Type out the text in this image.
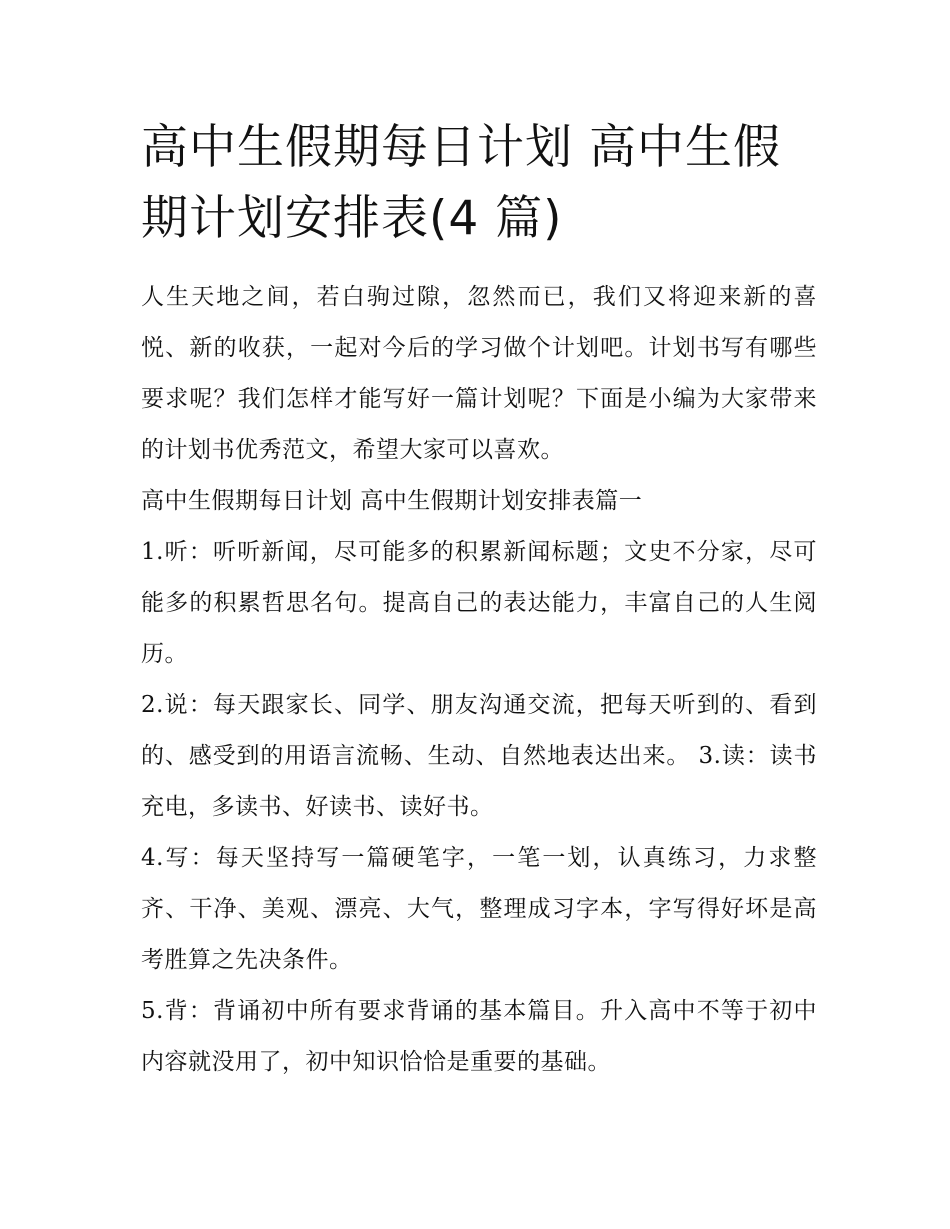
高中生假期每日计划 高中生假期计划安排表(4 篇)

人生天地之间，若白驹过隙，忽然而已，我们又将迎来新的喜悦、新的收获，一起对今后的学习做个计划吧。计划书写有哪些要求呢？我们怎样才能写好一篇计划呢？下面是小编为大家带来的计划书优秀范文，希望大家可以喜欢。

高中生假期每日计划 高中生假期计划安排表篇一

1.听：听听新闻，尽可能多的积累新闻标题；文史不分家，尽可能多的积累哲思名句。提高自己的表达能力，丰富自己的人生阅历。

2.说：每天跟家长、同学、朋友沟通交流，把每天听到的、看到的、感受到的用语言流畅、生动、自然地表达出来。 3.读：读书充电，多读书、好读书、读好书。

4.写：每天坚持写一篇硬笔字，一笔一划，认真练习，力求整齐、干净、美观、漂亮、大气，整理成习字本，字写得好坏是高考胜算之先决条件。

5.背：背诵初中所有要求背诵的基本篇目。升入高中不等于初中内容就没用了，初中知识恰恰是重要的基础。
